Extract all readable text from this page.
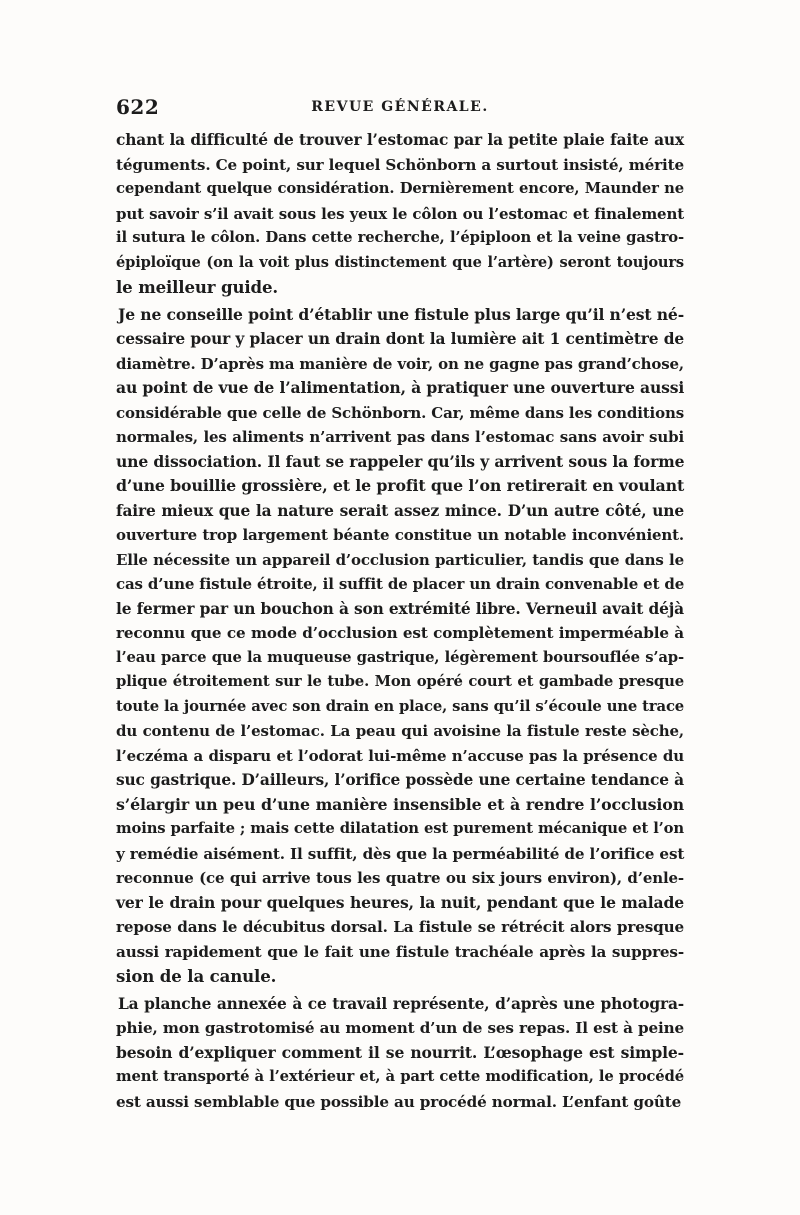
622	REVUE GÉNÉRALE.
chant la difficulté de trouver l’estomac par la petite plaie faite aux
téguments. Ce point, sur lequel Schönborn a surtout insisté, mérite
cependant quelque considération. Dernièrement encore, Maunder ne
put savoir s’il avait sous les yeux le côlon ou l’estomac et finalement
il sutura le côlon. Dans cette recherche, l’épiploon et la veine gastro-
épiploïque (on la voit plus distinctement que l’artère) seront toujours
le meilleur guide.
Je ne conseille point d’établir une fistule plus large qu’il n’est né-
cessaire pour y placer un drain dont la lumière ait 1 centimètre de
diamètre. D’après ma manière de voir, on ne gagne pas grand’chose,
au point de vue de l’alimentation, à pratiquer une ouverture aussi
considérable que celle de Schönborn. Car, même dans les conditions
normales, les aliments n’arrivent pas dans l’estomac sans avoir subi
une dissociation. Il faut se rappeler qu’ils y arrivent sous la forme
d’une bouillie grossière, et le profit que l’on retirerait en voulant
faire mieux que la nature serait assez mince. D’un autre côté, une
ouverture trop largement béante constitue un notable inconvénient.
Elle nécessite un appareil d’occlusion particulier, tandis que dans le
cas d’une fistule étroite, il suffit de placer un drain convenable et de
le fermer par un bouchon à son extrémité libre. Verneuil avait déjà
reconnu que ce mode d’occlusion est complètement imperméable à
l’eau parce que la muqueuse gastrique, légèrement boursouflée s’ap-
plique étroitement sur le tube. Mon opéré court et gambade presque
toute la journée avec son drain en place, sans qu’il s’écoule une trace
du contenu de l’estomac. La peau qui avoisine la fistule reste sèche,
l’eczéma a disparu et l’odorat lui-même n’accuse pas la présence du
suc gastrique. D’ailleurs, l’orifice possède une certaine tendance à
s’élargir un peu d’une manière insensible et à rendre l’occlusion
moins parfaite ; mais cette dilatation est purement mécanique et l’on
y remédie aisément. Il suffit, dès que la perméabilité de l’orifice est
reconnue (ce qui arrive tous les quatre ou six jours environ), d’enle-
ver le drain pour quelques heures, la nuit, pendant que le malade
repose dans le décubitus dorsal. La fistule se rétrécit alors presque
aussi rapidement que le fait une fistule trachéale après la suppres-
sion de la canule.
La planche annexée à ce travail représente, d’après une photogra-
phie, mon gastrotomisé au moment d’un de ses repas. Il est à peine
besoin d’expliquer comment il se nourrit. L’œsophage est simple-
ment transporté à l’extérieur et, à part cette modification, le procédé
est aussi semblable que possible au procédé normal. L’enfant goûte
